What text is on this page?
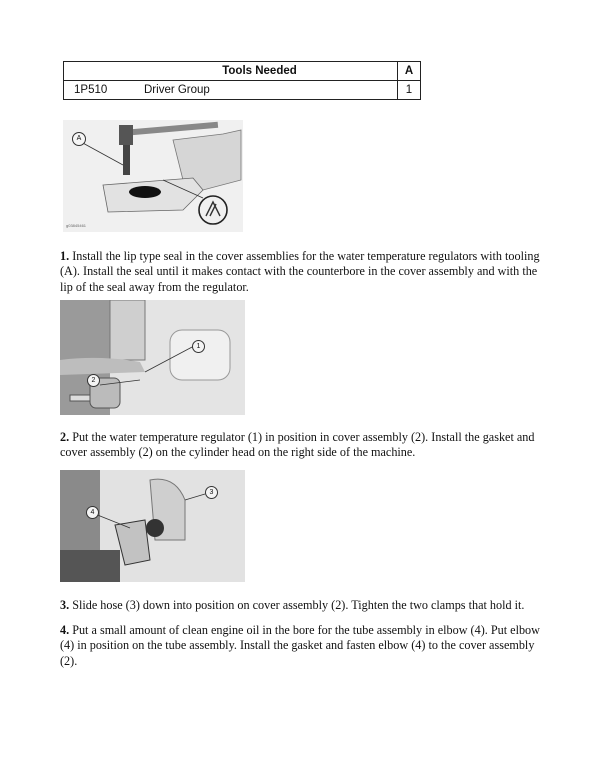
Tools Needed	A
1P510	Driver Group	1
A
g03845461
1. Install the lip type seal in the cover assemblies for the water temperature regulators with tooling (A). Install the seal until it makes contact with the counterbore in the cover assembly and with the lip of the seal away from the regulator.
1
2
2. Put the water temperature regulator (1) in position in cover assembly (2). Install the gasket and cover assembly (2) on the cylinder head on the right side of the machine.
3
4
3. Slide hose (3) down into position on cover assembly (2). Tighten the two clamps that hold it.
4. Put a small amount of clean engine oil in the bore for the tube assembly in elbow (4). Put elbow (4) in position on the tube assembly. Install the gasket and fasten elbow (4) to the cover assembly (2).
